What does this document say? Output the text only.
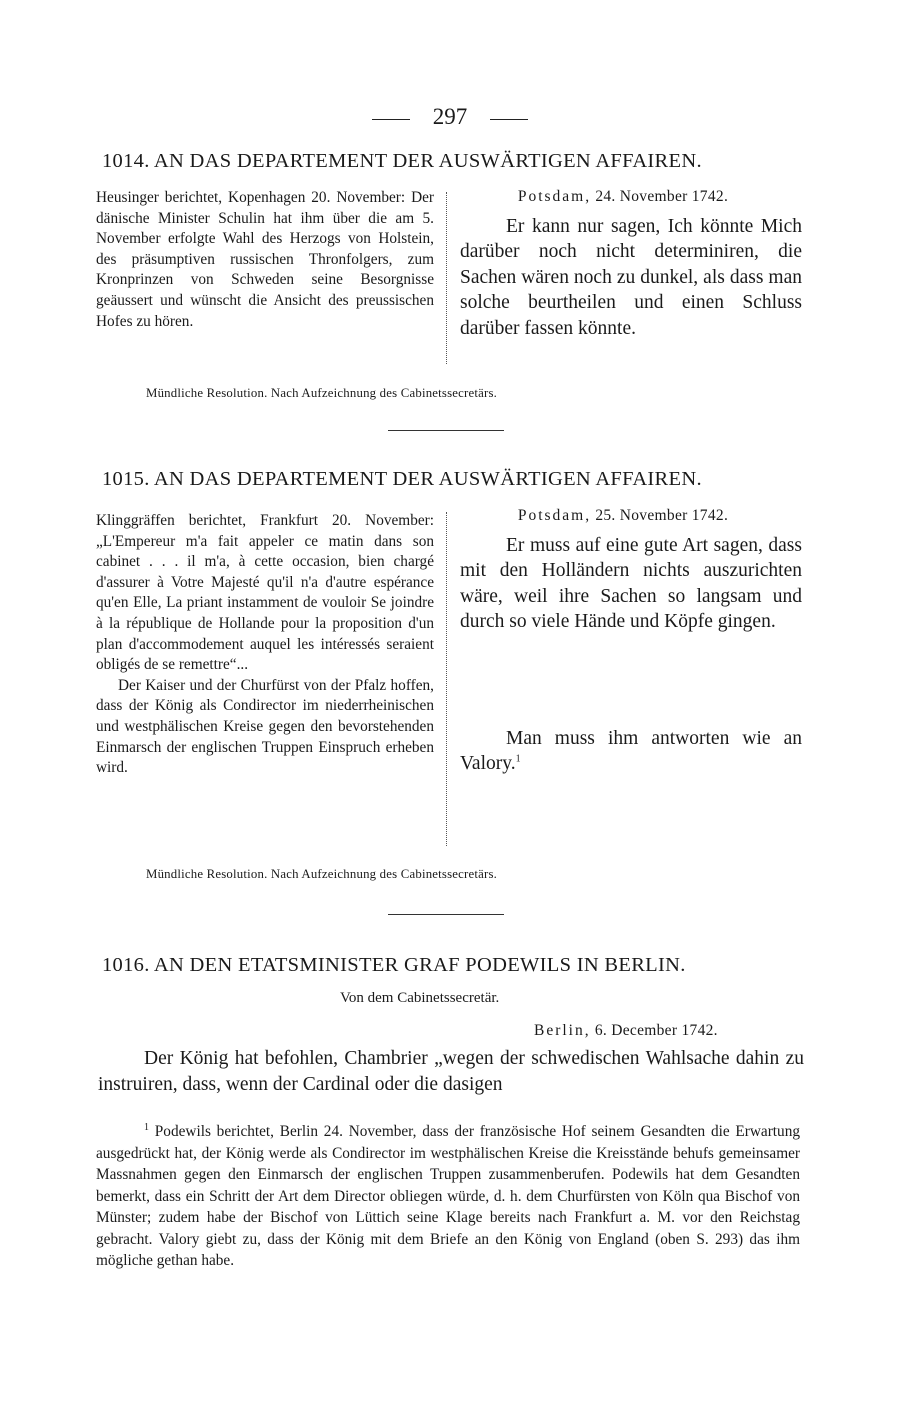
297
1014. AN DAS DEPARTEMENT DER AUSWÄRTIGEN AFFAIREN.

Heusinger berichtet, Kopenhagen 20. November: Der dänische Minister Schulin hat ihm über die am 5. November erfolgte Wahl des Herzogs von Holstein, des präsumptiven russischen Thronfolgers, zum Kronprinzen von Schweden seine Besorgnisse geäussert und wünscht die Ansicht des preussischen Hofes zu hören.

Potsdam, 24. November 1742.

Er kann nur sagen, Ich könnte Mich darüber noch nicht determiniren, die Sachen wären noch zu dunkel, als dass man solche beurtheilen und einen Schluss darüber fassen könnte.

Mündliche Resolution. Nach Aufzeichnung des Cabinetssecretärs.
1015. AN DAS DEPARTEMENT DER AUSWÄRTIGEN AFFAIREN.

Klinggräffen berichtet, Frankfurt 20. November: „L'Empereur m'a fait appeler ce matin dans son cabinet . . . il m'a, à cette occasion, bien chargé d'assurer à Votre Majesté qu'il n'a d'autre espérance qu'en Elle, La priant instamment de vouloir Se joindre à la république de Hollande pour la proposition d'un plan d'accommodement auquel les intéressés seraient obligés de se remettre“...

Der Kaiser und der Churfürst von der Pfalz hoffen, dass der König als Condirector im niederrheinischen und westphälischen Kreise gegen den bevorstehenden Einmarsch der englischen Truppen Einspruch erheben wird.

Potsdam, 25. November 1742.

Er muss auf eine gute Art sagen, dass mit den Holländern nichts auszurichten wäre, weil ihre Sachen so langsam und durch so viele Hände und Köpfe gingen.

Man muss ihm antworten wie an Valory.$^1$

Mündliche Resolution. Nach Aufzeichnung des Cabinetssecretärs.
1016. AN DEN ETATSMINISTER GRAF PODEWILS IN BERLIN.
Von dem Cabinetssecretär.
Berlin, 6. December 1742.

Der König hat befohlen, Chambrier „wegen der schwedischen Wahlsache dahin zu instruiren, dass, wenn der Cardinal oder die dasigen

$^1$ Podewils berichtet, Berlin 24. November, dass der französische Hof seinem Gesandten die Erwartung ausgedrückt hat, der König werde als Condirector im westphälischen Kreise die Kreisstände behufs gemeinsamer Massnahmen gegen den Einmarsch der englischen Truppen zusammenberufen. Podewils hat dem Gesandten bemerkt, dass ein Schritt der Art dem Director obliegen würde, d. h. dem Churfürsten von Köln qua Bischof von Münster; zudem habe der Bischof von Lüttich seine Klage bereits nach Frankfurt a. M. vor den Reichstag gebracht. Valory giebt zu, dass der König mit dem Briefe an den König von England (oben S. 293) das ihm mögliche gethan habe.
